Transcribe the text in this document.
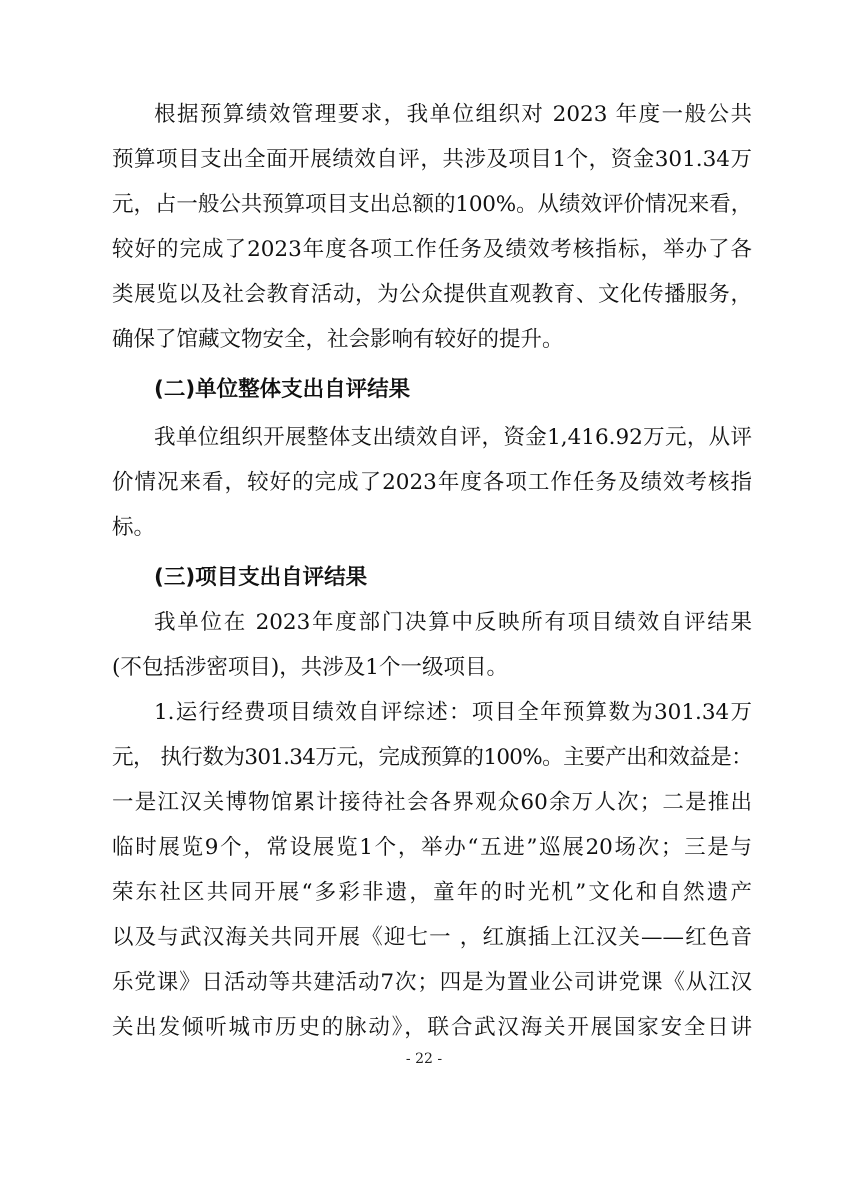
根据预算绩效管理要求，我单位组织对 2023 年度一般公共
预算项目支出全面开展绩效自评，共涉及项目1个，资金301.34万
元，占一般公共预算项目支出总额的100%。从绩效评价情况来看，
较好的完成了2023年度各项工作任务及绩效考核指标，举办了各
类展览以及社会教育活动，为公众提供直观教育、文化传播服务，
确保了馆藏文物安全，社会影响有较好的提升。
(二)单位整体支出自评结果
我单位组织开展整体支出绩效自评，资金1,416.92万元，从评
价情况来看，较好的完成了2023年度各项工作任务及绩效考核指
标。
(三)项目支出自评结果
我单位在 2023年度部门决算中反映所有项目绩效自评结果
(不包括涉密项目)，共涉及1个一级项目。
1.运行经费项目绩效自评综述：项目全年预算数为301.34万
元， 执行数为301.34万元，完成预算的100%。主要产出和效益是：
一是江汉关博物馆累计接待社会各界观众60余万人次；二是推出
临时展览9个，常设展览1个，举办“五进”巡展20场次；三是与
荣东社区共同开展“多彩非遗，童年的时光机”文化和自然遗产
以及与武汉海关共同开展《迎七一 ，红旗插上江汉关——红色音
乐党课》日活动等共建活动7次；四是为置业公司讲党课《从江汉
关出发倾听城市历史的脉动》，联合武汉海关开展国家安全日讲
- 22 -
